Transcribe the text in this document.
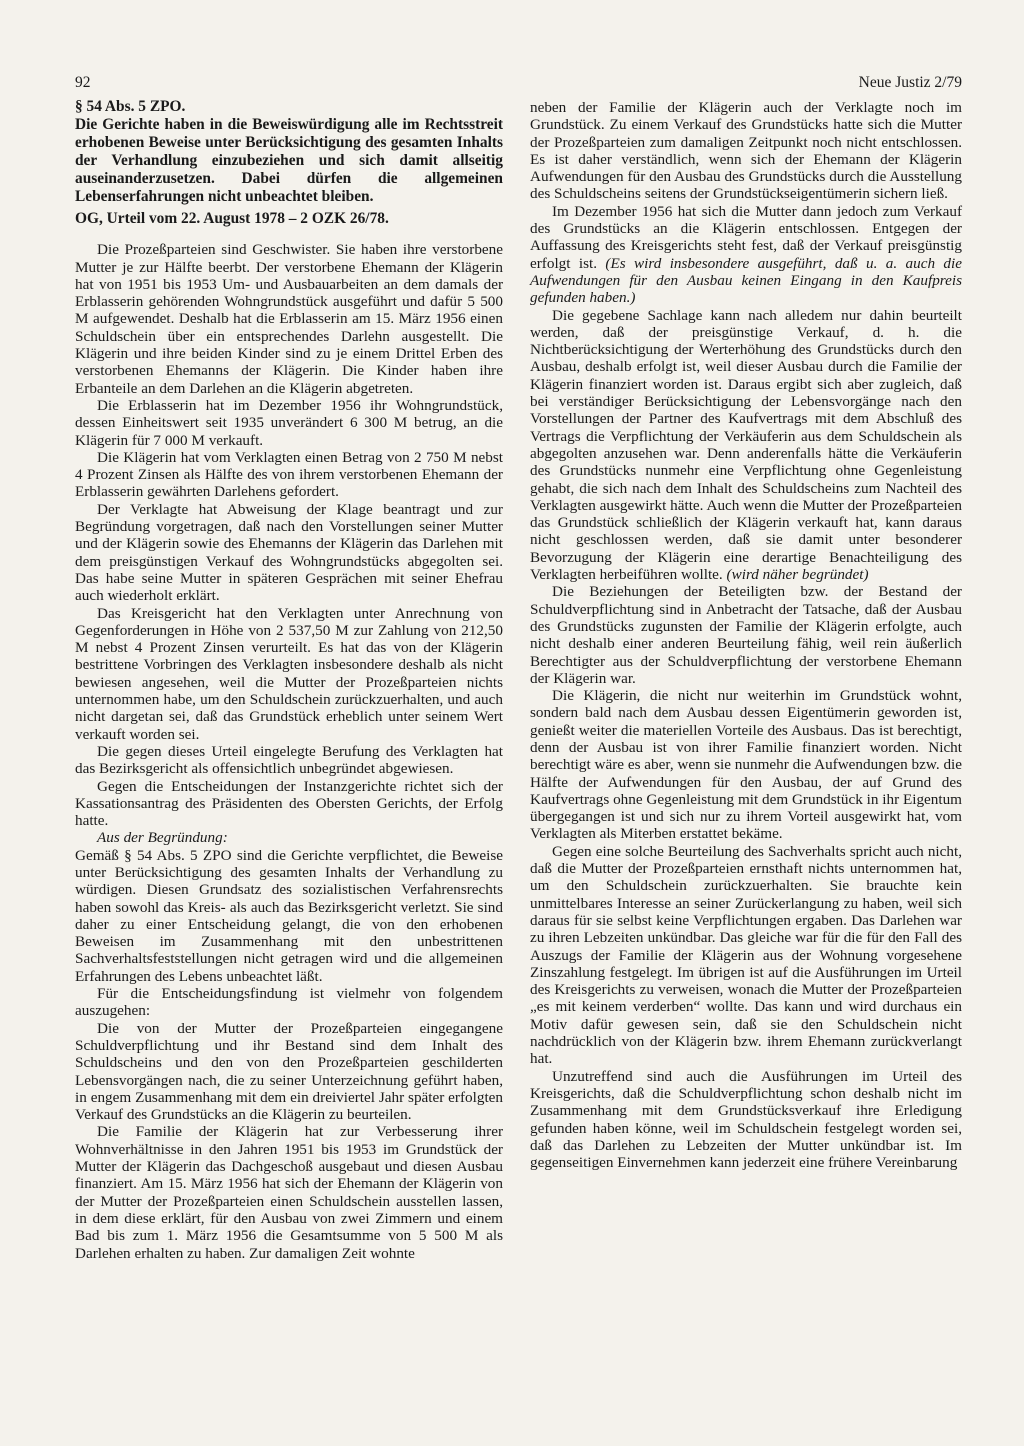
92	Neue Justiz 2/79

§ 54 Abs. 5 ZPO.

Die Gerichte haben in die Beweiswürdigung alle im Rechtsstreit erhobenen Beweise unter Berücksichtigung des gesamten Inhalts der Verhandlung einzubeziehen und sich damit allseitig auseinanderzusetzen. Dabei dürfen die allgemeinen Lebenserfahrungen nicht unbeachtet bleiben.

OG, Urteil vom 22. August 1978 – 2 OZK 26/78.

Die Prozeßparteien sind Geschwister. Sie haben ihre verstorbene Mutter je zur Hälfte beerbt. Der verstorbene Ehemann der Klägerin hat von 1951 bis 1953 Um- und Ausbauarbeiten an dem damals der Erblasserin gehörenden Wohngrundstück ausgeführt und dafür 5 500 M aufgewendet. Deshalb hat die Erblasserin am 15. März 1956 einen Schuldschein über ein entsprechendes Darlehn ausgestellt. Die Klägerin und ihre beiden Kinder sind zu je einem Drittel Erben des verstorbenen Ehemanns der Klägerin. Die Kinder haben ihre Erbanteile an dem Darlehen an die Klägerin abgetreten.

Die Erblasserin hat im Dezember 1956 ihr Wohngrundstück, dessen Einheitswert seit 1935 unverändert 6 300 M betrug, an die Klägerin für 7 000 M verkauft.

Die Klägerin hat vom Verklagten einen Betrag von 2 750 M nebst 4 Prozent Zinsen als Hälfte des von ihrem verstorbenen Ehemann der Erblasserin gewährten Darlehens gefordert.

Der Verklagte hat Abweisung der Klage beantragt und zur Begründung vorgetragen, daß nach den Vorstellungen seiner Mutter und der Klägerin sowie des Ehemanns der Klägerin das Darlehen mit dem preisgünstigen Verkauf des Wohngrundstücks abgegolten sei. Das habe seine Mutter in späteren Gesprächen mit seiner Ehefrau auch wiederholt erklärt.

Das Kreisgericht hat den Verklagten unter Anrechnung von Gegenforderungen in Höhe von 2 537,50 M zur Zahlung von 212,50 M nebst 4 Prozent Zinsen verurteilt. Es hat das von der Klägerin bestrittene Vorbringen des Verklagten insbesondere deshalb als nicht bewiesen angesehen, weil die Mutter der Prozeßparteien nichts unternommen habe, um den Schuldschein zurückzuerhalten, und auch nicht dargetan sei, daß das Grundstück erheblich unter seinem Wert verkauft worden sei.

Die gegen dieses Urteil eingelegte Berufung des Verklagten hat das Bezirksgericht als offensichtlich unbegründet abgewiesen.

Gegen die Entscheidungen der Instanzgerichte richtet sich der Kassationsantrag des Präsidenten des Obersten Gerichts, der Erfolg hatte.

Aus der Begründung:

Gemäß § 54 Abs. 5 ZPO sind die Gerichte verpflichtet, die Beweise unter Berücksichtigung des gesamten Inhalts der Verhandlung zu würdigen. Diesen Grundsatz des sozialistischen Verfahrensrechts haben sowohl das Kreis- als auch das Bezirksgericht verletzt. Sie sind daher zu einer Entscheidung gelangt, die von den erhobenen Beweisen im Zusammenhang mit den unbestrittenen Sachverhaltsfeststellungen nicht getragen wird und die allgemeinen Erfahrungen des Lebens unbeachtet läßt.

Für die Entscheidungsfindung ist vielmehr von folgendem auszugehen:

Die von der Mutter der Prozeßparteien eingegangene Schuldverpflichtung und ihr Bestand sind dem Inhalt des Schuldscheins und den von den Prozeßparteien geschilderten Lebensvorgängen nach, die zu seiner Unterzeichnung geführt haben, in engem Zusammenhang mit dem ein dreiviertel Jahr später erfolgten Verkauf des Grundstücks an die Klägerin zu beurteilen.

Die Familie der Klägerin hat zur Verbesserung ihrer Wohnverhältnisse in den Jahren 1951 bis 1953 im Grundstück der Mutter der Klägerin das Dachgeschoß ausgebaut und diesen Ausbau finanziert. Am 15. März 1956 hat sich der Ehemann der Klägerin von der Mutter der Prozeßparteien einen Schuldschein ausstellen lassen, in dem diese erklärt, für den Ausbau von zwei Zimmern und einem Bad bis zum 1. März 1956 die Gesamtsumme von 5 500 M als Darlehen erhalten zu haben. Zur damaligen Zeit wohnte

neben der Familie der Klägerin auch der Verklagte noch im Grundstück. Zu einem Verkauf des Grundstücks hatte sich die Mutter der Prozeßparteien zum damaligen Zeitpunkt noch nicht entschlossen. Es ist daher verständlich, wenn sich der Ehemann der Klägerin Aufwendungen für den Ausbau des Grundstücks durch die Ausstellung des Schuldscheins seitens der Grundstückseigentümerin sichern ließ.

Im Dezember 1956 hat sich die Mutter dann jedoch zum Verkauf des Grundstücks an die Klägerin entschlossen. Entgegen der Auffassung des Kreisgerichts steht fest, daß der Verkauf preisgünstig erfolgt ist. (Es wird insbesondere ausgeführt, daß u. a. auch die Aufwendungen für den Ausbau keinen Eingang in den Kaufpreis gefunden haben.)

Die gegebene Sachlage kann nach alledem nur dahin beurteilt werden, daß der preisgünstige Verkauf, d. h. die Nichtberücksichtigung der Werterhöhung des Grundstücks durch den Ausbau, deshalb erfolgt ist, weil dieser Ausbau durch die Familie der Klägerin finanziert worden ist. Daraus ergibt sich aber zugleich, daß bei verständiger Berücksichtigung der Lebensvorgänge nach den Vorstellungen der Partner des Kaufvertrags mit dem Abschluß des Vertrags die Verpflichtung der Verkäuferin aus dem Schuldschein als abgegolten anzusehen war. Denn anderenfalls hätte die Verkäuferin des Grundstücks nunmehr eine Verpflichtung ohne Gegenleistung gehabt, die sich nach dem Inhalt des Schuldscheins zum Nachteil des Verklagten ausgewirkt hätte. Auch wenn die Mutter der Prozeßparteien das Grundstück schließlich der Klägerin verkauft hat, kann daraus nicht geschlossen werden, daß sie damit unter besonderer Bevorzugung der Klägerin eine derartige Benachteiligung des Verklagten herbeiführen wollte. (wird näher begründet)

Die Beziehungen der Beteiligten bzw. der Bestand der Schuldverpflichtung sind in Anbetracht der Tatsache, daß der Ausbau des Grundstücks zugunsten der Familie der Klägerin erfolgte, auch nicht deshalb einer anderen Beurteilung fähig, weil rein äußerlich Berechtigter aus der Schuldverpflichtung der verstorbene Ehemann der Klägerin war.

Die Klägerin, die nicht nur weiterhin im Grundstück wohnt, sondern bald nach dem Ausbau dessen Eigentümerin geworden ist, genießt weiter die materiellen Vorteile des Ausbaus. Das ist berechtigt, denn der Ausbau ist von ihrer Familie finanziert worden. Nicht berechtigt wäre es aber, wenn sie nunmehr die Aufwendungen bzw. die Hälfte der Aufwendungen für den Ausbau, der auf Grund des Kaufvertrags ohne Gegenleistung mit dem Grundstück in ihr Eigentum übergegangen ist und sich nur zu ihrem Vorteil ausgewirkt hat, vom Verklagten als Miterben erstattet bekäme.

Gegen eine solche Beurteilung des Sachverhalts spricht auch nicht, daß die Mutter der Prozeßparteien ernsthaft nichts unternommen hat, um den Schuldschein zurückzuerhalten. Sie brauchte kein unmittelbares Interesse an seiner Zurückerlangung zu haben, weil sich daraus für sie selbst keine Verpflichtungen ergaben. Das Darlehen war zu ihren Lebzeiten unkündbar. Das gleiche war für die für den Fall des Auszugs der Familie der Klägerin aus der Wohnung vorgesehene Zinszahlung festgelegt. Im übrigen ist auf die Ausführungen im Urteil des Kreisgerichts zu verweisen, wonach die Mutter der Prozeßparteien „es mit keinem verderben“ wollte. Das kann und wird durchaus ein Motiv dafür gewesen sein, daß sie den Schuldschein nicht nachdrücklich von der Klägerin bzw. ihrem Ehemann zurückverlangt hat.

Unzutreffend sind auch die Ausführungen im Urteil des Kreisgerichts, daß die Schuldverpflichtung schon deshalb nicht im Zusammenhang mit dem Grundstücksverkauf ihre Erledigung gefunden haben könne, weil im Schuldschein festgelegt worden sei, daß das Darlehen zu Lebzeiten der Mutter unkündbar ist. Im gegenseitigen Einvernehmen kann jederzeit eine frühere Vereinbarung
